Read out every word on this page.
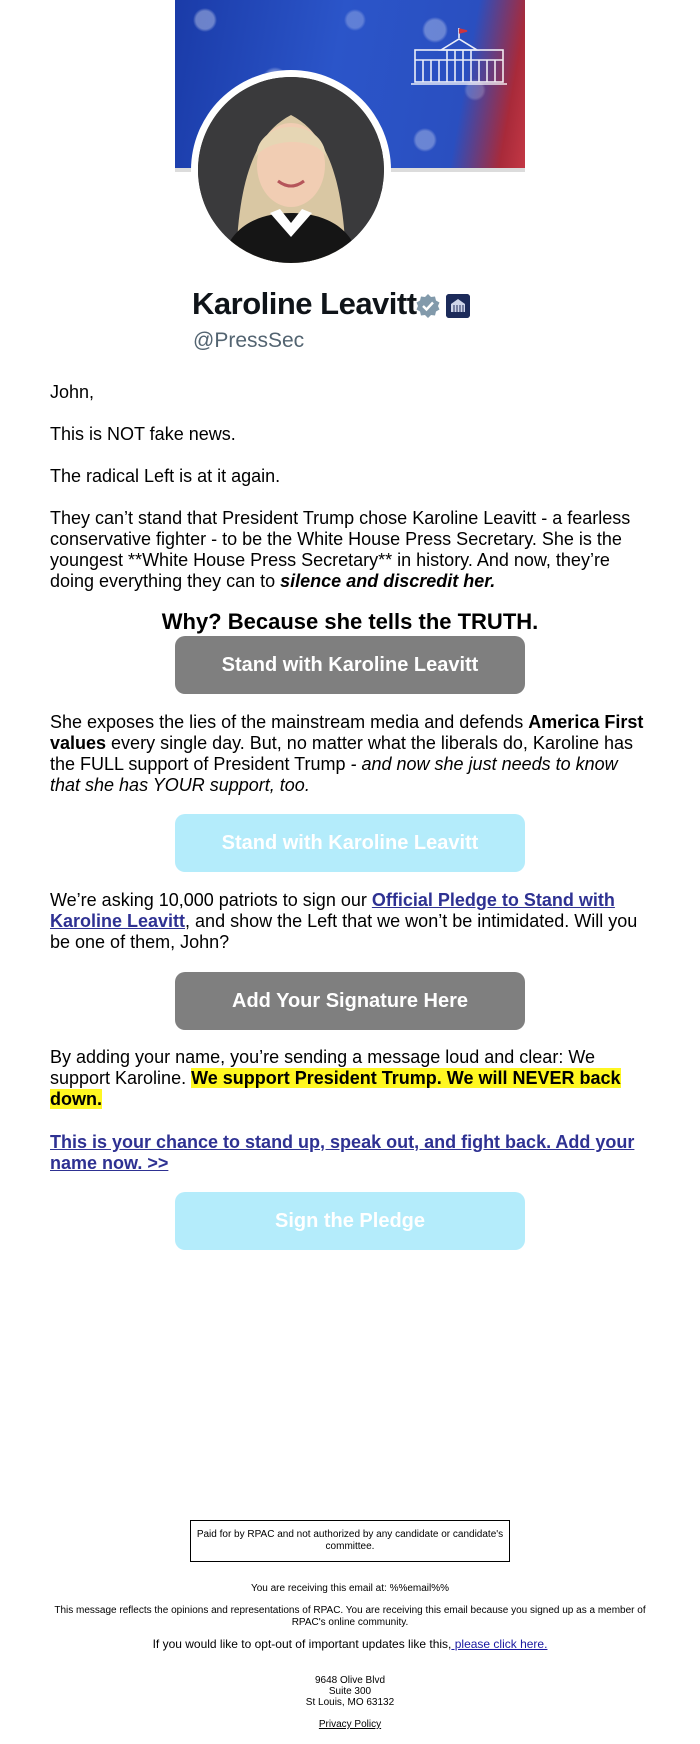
Karoline Leavitt
@PressSec
John,
This is NOT fake news.
The radical Left is at it again.
They can’t stand that President Trump chose Karoline Leavitt - a fearless conservative fighter - to be the White House Press Secretary. She is the youngest **White House Press Secretary** in history. And now, they’re doing everything they can to silence and discredit her.
Why? Because she tells the TRUTH.
Stand with Karoline Leavitt
She exposes the lies of the mainstream media and defends America First values every single day. But, no matter what the liberals do, Karoline has the FULL support of President Trump - and now she just needs to know that she has YOUR support, too.
Stand with Karoline Leavitt
We’re asking 10,000 patriots to sign our Official Pledge to Stand with Karoline Leavitt, and show the Left that we won’t be intimidated. Will you be one of them, John?
Add Your Signature Here
By adding your name, you’re sending a message loud and clear: We support Karoline. We support President Trump. We will NEVER back down.
This is your chance to stand up, speak out, and fight back. Add your name now. >>
Sign the Pledge
Paid for by RPAC and not authorized by any candidate or candidate's committee.
You are receiving this email at: %%email%%
This message reflects the opinions and representations of RPAC. You are receiving this email because you signed up as a member of RPAC's online community.
If you would like to opt-out of important updates like this, please click here.
9648 Olive Blvd
Suite 300
St Louis, MO 63132
Privacy Policy
